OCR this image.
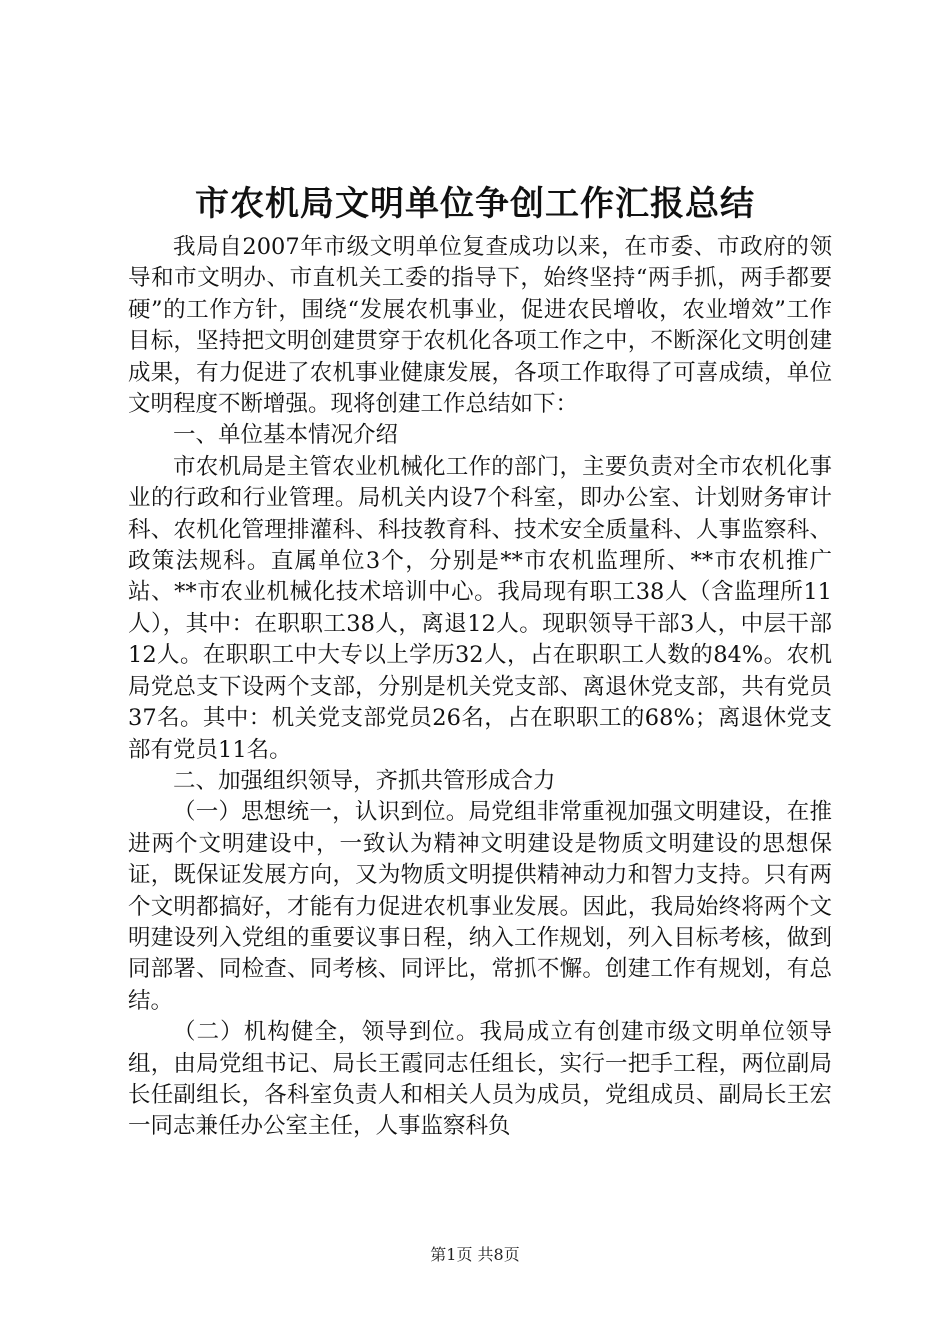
市农机局文明单位争创工作汇报总结

我局自2007年市级文明单位复查成功以来，在市委、市政府的领导和市文明办、市直机关工委的指导下，始终坚持“两手抓，两手都要硬”的工作方针，围绕“发展农机事业，促进农民增收，农业增效”工作目标，坚持把文明创建贯穿于农机化各项工作之中，不断深化文明创建成果，有力促进了农机事业健康发展，各项工作取得了可喜成绩，单位文明程度不断增强。现将创建工作总结如下：

一、单位基本情况介绍

市农机局是主管农业机械化工作的部门，主要负责对全市农机化事业的行政和行业管理。局机关内设7个科室，即办公室、计划财务审计科、农机化管理排灌科、科技教育科、技术安全质量科、人事监察科、政策法规科。直属单位3个，分别是**市农机监理所、**市农机推广站、**市农业机械化技术培训中心。我局现有职工38人（含监理所11人），其中：在职职工38人，离退12人。现职领导干部3人，中层干部12人。在职职工中大专以上学历32人，占在职职工人数的84%。农机局党总支下设两个支部，分别是机关党支部、离退休党支部，共有党员37名。其中：机关党支部党员26名，占在职职工的68%；离退休党支部有党员11名。

二、加强组织领导，齐抓共管形成合力

（一）思想统一，认识到位。局党组非常重视加强文明建设，在推进两个文明建设中，一致认为精神文明建设是物质文明建设的思想保证，既保证发展方向，又为物质文明提供精神动力和智力支持。只有两个文明都搞好，才能有力促进农机事业发展。因此，我局始终将两个文明建设列入党组的重要议事日程，纳入工作规划，列入目标考核，做到同部署、同检查、同考核、同评比，常抓不懈。创建工作有规划，有总结。

（二）机构健全，领导到位。我局成立有创建市级文明单位领导组，由局党组书记、局长王霞同志任组长，实行一把手工程，两位副局长任副组长，各科室负责人和相关人员为成员，党组成员、副局长王宏一同志兼任办公室主任，人事监察科负

第1页 共8页
